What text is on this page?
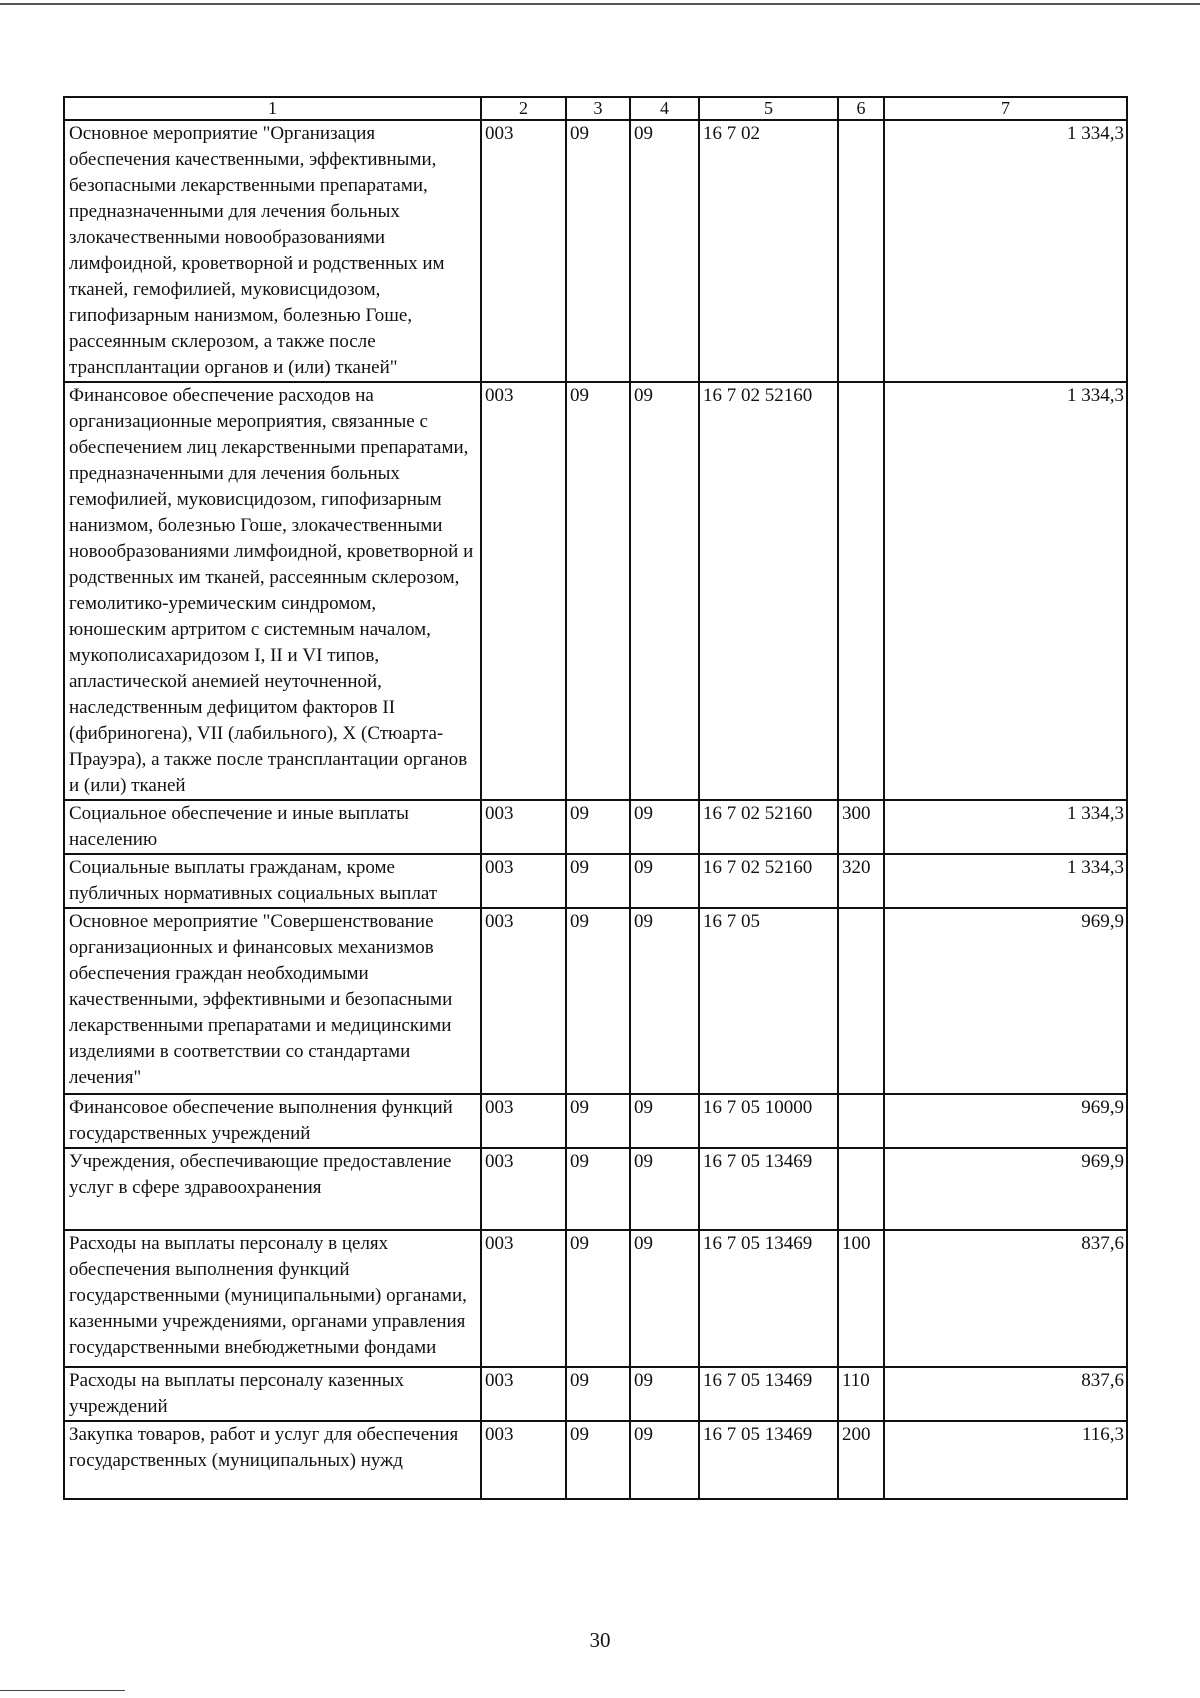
1	2	3	4	5	6	7
Основное мероприятие "Организация обеспечения качественными, эффективными, безопасными лекарственными препаратами, предназначенными для лечения больных злокачественными новообразованиями лимфоидной, кроветворной и родственных им тканей, гемофилией, муковисцидозом, гипофизарным нанизмом, болезнью Гоше, рассеянным склерозом, а также после трансплантации органов и (или) тканей"	003	09	09	16 7 02		1 334,3
Финансовое обеспечение расходов на организационные мероприятия, связанные с обеспечением лиц лекарственными препаратами, предназначенными для лечения больных гемофилией, муковисцидозом, гипофизарным нанизмом, болезнью Гоше, злокачественными новообразованиями лимфоидной, кроветворной и родственных им тканей, рассеянным склерозом, гемолитико-уремическим синдромом, юношеским артритом с системным началом, мукополисахаридозом I, II и VI типов, апластической анемией неуточненной, наследственным дефицитом факторов II (фибриногена), VII (лабильного), X (Стюарта-Прауэра), а также после трансплантации органов и (или) тканей	003	09	09	16 7 02 52160		1 334,3
Социальное обеспечение и иные выплаты населению	003	09	09	16 7 02 52160	300	1 334,3
Социальные выплаты гражданам, кроме публичных нормативных социальных выплат	003	09	09	16 7 02 52160	320	1 334,3
Основное мероприятие "Совершенствование организационных и финансовых механизмов обеспечения граждан необходимыми качественными, эффективными и безопасными лекарственными препаратами и медицинскими изделиями в соответствии со стандартами лечения"	003	09	09	16 7 05		969,9
Финансовое обеспечение выполнения функций государственных учреждений	003	09	09	16 7 05 10000		969,9
Учреждения, обеспечивающие предоставление услуг в сфере здравоохранения	003	09	09	16 7 05 13469		969,9
Расходы на выплаты персоналу в целях обеспечения выполнения функций государственными (муниципальными) органами, казенными учреждениями, органами управления государственными внебюджетными фондами	003	09	09	16 7 05 13469	100	837,6
Расходы на выплаты персоналу казенных учреждений	003	09	09	16 7 05 13469	110	837,6
Закупка товаров, работ и услуг для обеспечения государственных (муниципальных) нужд	003	09	09	16 7 05 13469	200	116,3
30
